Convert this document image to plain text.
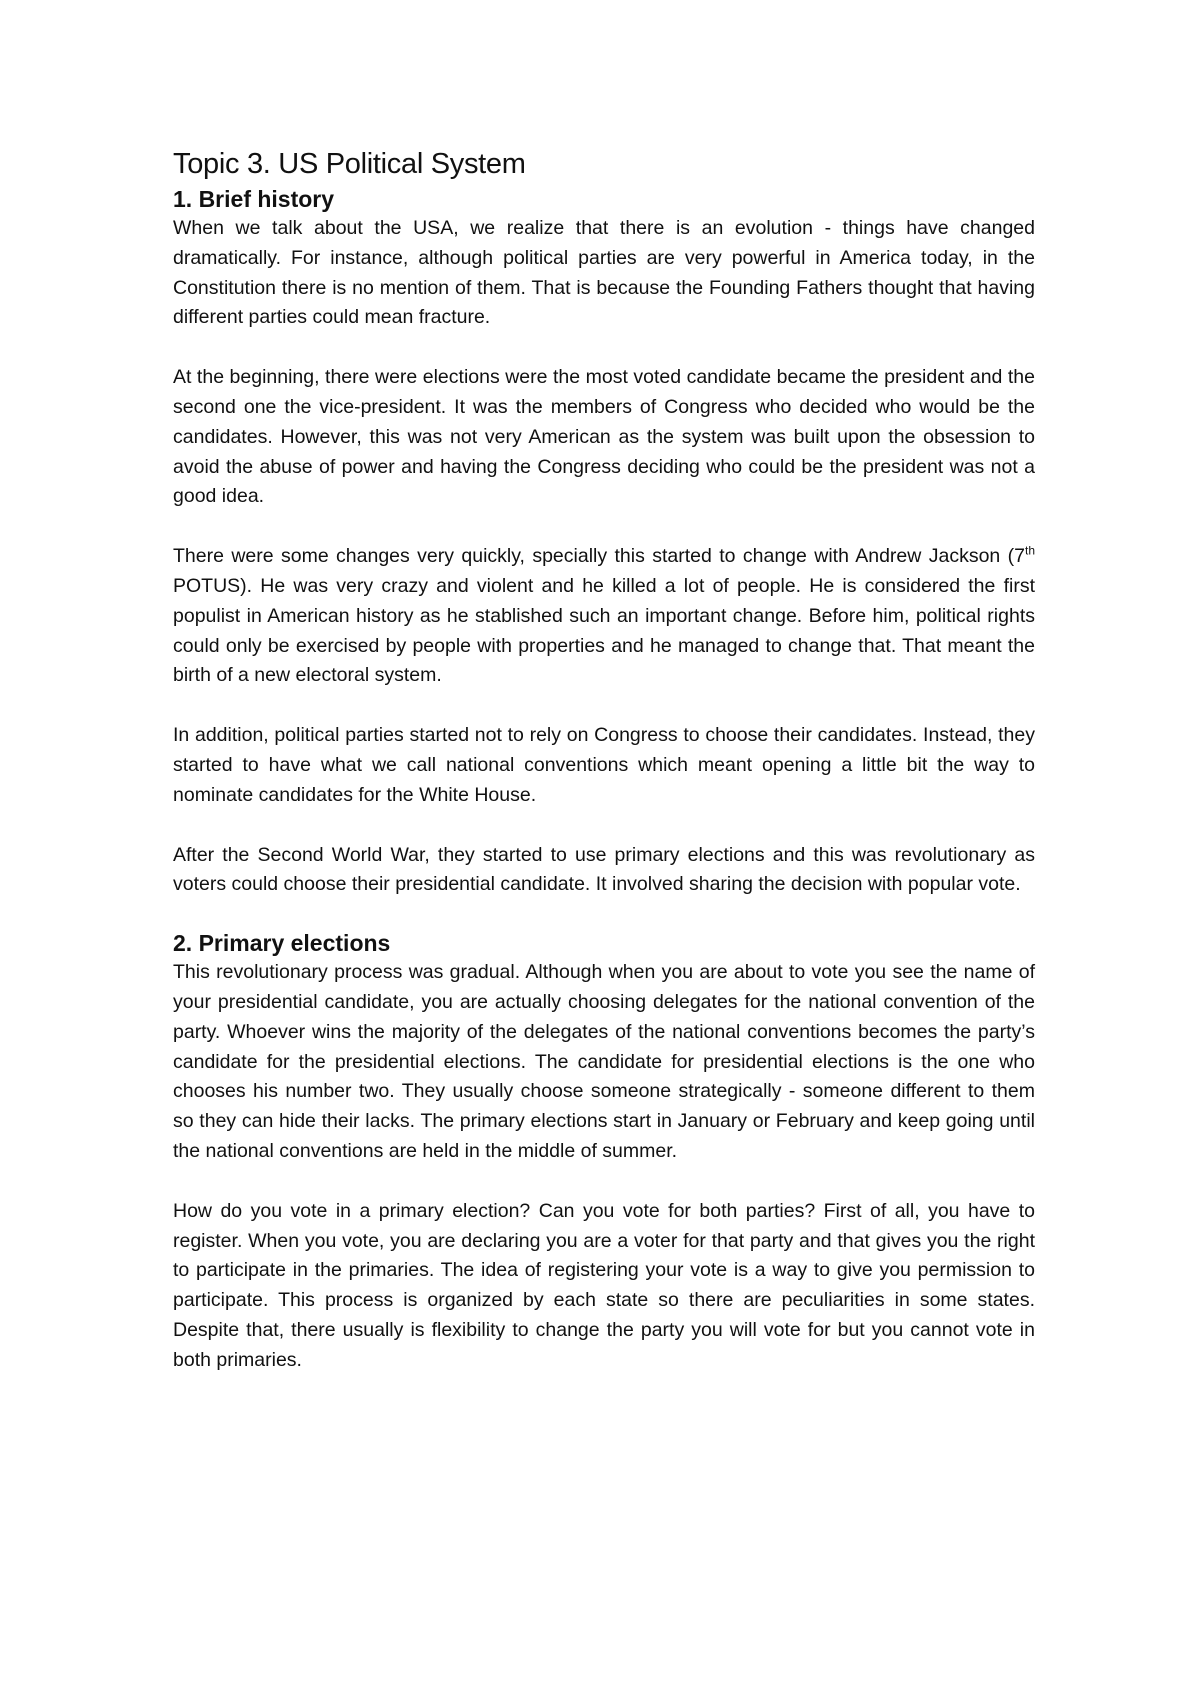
Topic 3. US Political System
1. Brief history

When we talk about the USA, we realize that there is an evolution - things have changed dramatically. For instance, although political parties are very powerful in America today, in the Constitution there is no mention of them. That is because the Founding Fathers thought that having different parties could mean fracture.

At the beginning, there were elections were the most voted candidate became the president and the second one the vice-president. It was the members of Congress who decided who would be the candidates. However, this was not very American as the system was built upon the obsession to avoid the abuse of power and having the Congress deciding who could be the president was not a good idea.

There were some changes very quickly, specially this started to change with Andrew Jackson (7th POTUS). He was very crazy and violent and he killed a lot of people. He is considered the first populist in American history as he stablished such an important change. Before him, political rights could only be exercised by people with properties and he managed to change that. That meant the birth of a new electoral system.

In addition, political parties started not to rely on Congress to choose their candidates. Instead, they started to have what we call national conventions which meant opening a little bit the way to nominate candidates for the White House.

After the Second World War, they started to use primary elections and this was revolutionary as voters could choose their presidential candidate. It involved sharing the decision with popular vote.

2. Primary elections

This revolutionary process was gradual. Although when you are about to vote you see the name of your presidential candidate, you are actually choosing delegates for the national convention of the party. Whoever wins the majority of the delegates of the national conventions becomes the party’s candidate for the presidential elections. The candidate for presidential elections is the one who chooses his number two. They usually choose someone strategically - someone different to them so they can hide their lacks. The primary elections start in January or February and keep going until the national conventions are held in the middle of summer.

How do you vote in a primary election? Can you vote for both parties? First of all, you have to register. When you vote, you are declaring you are a voter for that party and that gives you the right to participate in the primaries. The idea of registering your vote is a way to give you permission to participate. This process is organized by each state so there are peculiarities in some states. Despite that, there usually is flexibility to change the party you will vote for but you cannot vote in both primaries.
